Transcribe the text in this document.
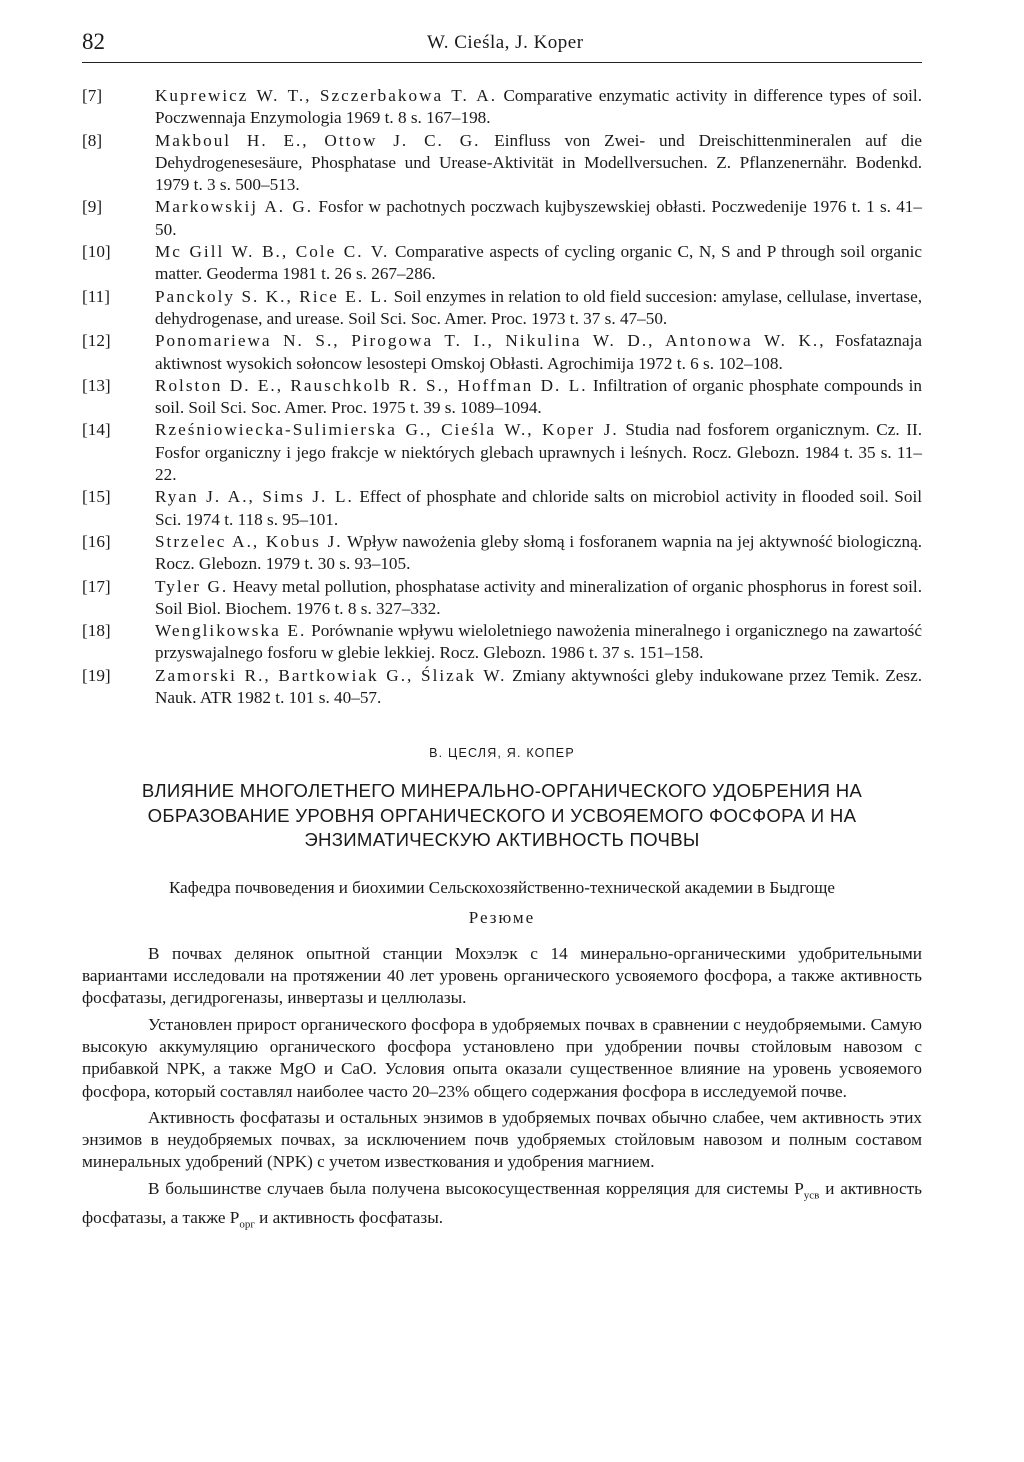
82	W. Cieśla, J. Koper
[7]	Kuprewicz W. T., Szczerbakowa T. A. Comparative enzymatic activity in difference types of soil. Poczwennaja Enzymologia 1969 t. 8 s. 167–198.
[8]	Makboul H. E., Ottow J. C. G. Einfluss von Zwei- und Dreischittenmineralen auf die Dehydrogenesesäure, Phosphatase und Urease-Aktivität in Modellversuchen. Z. Pflanzenernähr. Bodenkd. 1979 t. 3 s. 500–513.
[9]	Markowskij A. G. Fosfor w pachotnych poczwach kujbyszewskiej obłasti. Poczwedenije 1976 t. 1 s. 41–50.
[10]	Mc Gill W. B., Cole C. V. Comparative aspects of cycling organic C, N, S and P through soil organic matter. Geoderma 1981 t. 26 s. 267–286.
[11]	Panckoly S. K., Rice E. L. Soil enzymes in relation to old field succesion: amylase, cellulase, invertase, dehydrogenase, and urease. Soil Sci. Soc. Amer. Proc. 1973 t. 37 s. 47–50.
[12]	Ponomariewa N. S., Pirogowa T. I., Nikulina W. D., Antonowa W. K., Fosfataznaja aktiwnost wysokich sołoncow lesostepi Omskoj Obłasti. Agrochimija 1972 t. 6 s. 102–108.
[13]	Rolston D. E., Rauschkolb R. S., Hoffman D. L. Infiltration of organic phosphate compounds in soil. Soil Sci. Soc. Amer. Proc. 1975 t. 39 s. 1089–1094.
[14]	Rześniowiecka-Sulimierska G., Cieśla W., Koper J. Studia nad fosforem organicznym. Cz. II. Fosfor organiczny i jego frakcje w niektórych glebach uprawnych i leśnych. Rocz. Glebozn. 1984 t. 35 s. 11–22.
[15]	Ryan J. A., Sims J. L. Effect of phosphate and chloride salts on microbiol activity in flooded soil. Soil Sci. 1974 t. 118 s. 95–101.
[16]	Strzelec A., Kobus J. Wpływ nawożenia gleby słomą i fosforanem wapnia na jej aktywność biologiczną. Rocz. Glebozn. 1979 t. 30 s. 93–105.
[17]	Tyler G. Heavy metal pollution, phosphatase activity and mineralization of organic phosphorus in forest soil. Soil Biol. Biochem. 1976 t. 8 s. 327–332.
[18]	Wenglikowska E. Porównanie wpływu wieloletniego nawożenia mineralnego i organicznego na zawartość przyswajalnego fosforu w glebie lekkiej. Rocz. Glebozn. 1986 t. 37 s. 151–158.
[19]	Zamorski R., Bartkowiak G., Ślizak W. Zmiany aktywności gleby indukowane przez Temik. Zesz. Nauk. ATR 1982 t. 101 s. 40–57.
В. ЦЕСЛЯ, Я. КОПЕР
ВЛИЯНИЕ МНОГОЛЕТНЕГО МИНЕРАЛЬНО-ОРГАНИЧЕСКОГО УДОБРЕНИЯ НА
ОБРАЗОВАНИЕ УРОВНЯ ОРГАНИЧЕСКОГО И УСВОЯЕМОГО ФОСФОРА И НА
ЭНЗИМАТИЧЕСКУЮ АКТИВНОСТЬ ПОЧВЫ
Кафедра почвоведения и биохимии Сельскохозяйственно-технической академии в Быдгоще
Резюме

В почвах делянок опытной станции Мохэлэк с 14 минерально-органическими удобрительными вариантами исследовали на протяжении 40 лет уровень органического усвояемого фосфора, а также активность фосфатазы, дегидрогеназы, инвертазы и целлюлазы.

Установлен прирост органического фосфора в удобряемых почвах в сравнении с неудобряемыми. Самую высокую аккумуляцию органического фосфора установлено при удобрении почвы стойловым навозом с прибавкой NPK, а также MgO и CaO. Условия опыта оказали существенное влияние на уровень усвояемого фосфора, который составлял наиболее часто 20–23% общего содержания фосфора в исследуемой почве.

Активность фосфатазы и остальных энзимов в удобряемых почвах обычно слабее, чем активность этих энзимов в неудобряемых почвах, за исключением почв удобряемых стойловым навозом и полным составом минеральных удобрений (NPK) с учетом известкования и удобрения магнием.

В большинстве случаев была получена высокосущественная корреляция для системы $P_{усв}$ и активность фосфатазы, а также $P_{орг}$ и активность фосфатазы.
